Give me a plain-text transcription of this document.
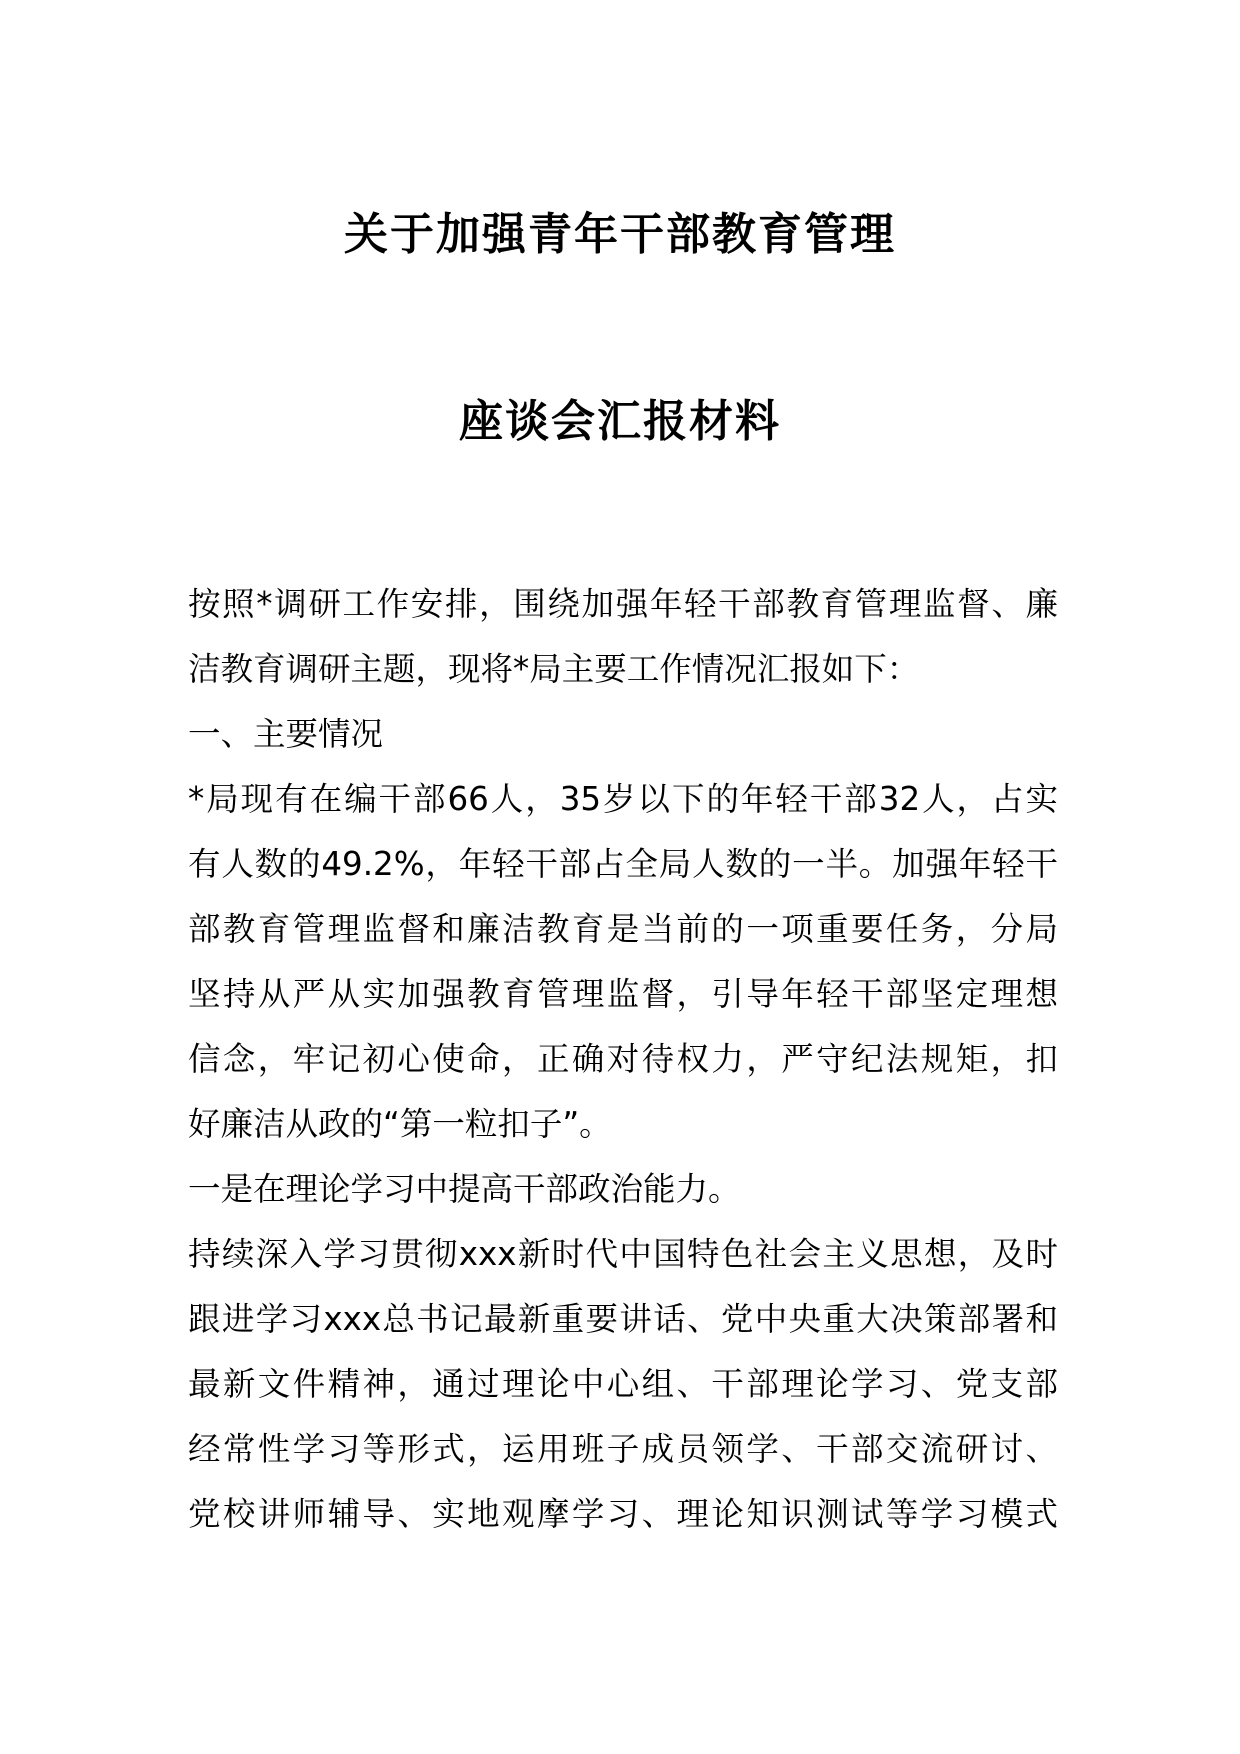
关于加强青年干部教育管理
座谈会汇报材料
按照*调研工作安排，围绕加强年轻干部教育管理监督、廉
洁教育调研主题，现将*局主要工作情况汇报如下：
一、主要情况
*局现有在编干部66人，35岁以下的年轻干部32人，占实
有人数的49.2%，年轻干部占全局人数的一半。加强年轻干
部教育管理监督和廉洁教育是当前的一项重要任务，分局
坚持从严从实加强教育管理监督，引导年轻干部坚定理想
信念，牢记初心使命，正确对待权力，严守纪法规矩，扣
好廉洁从政的“第一粒扣子”。
一是在理论学习中提高干部政治能力。
持续深入学习贯彻xxx新时代中国特色社会主义思想，及时
跟进学习xxx总书记最新重要讲话、党中央重大决策部署和
最新文件精神，通过理论中心组、干部理论学习、党支部
经常性学习等形式，运用班子成员领学、干部交流研讨、
党校讲师辅导、实地观摩学习、理论知识测试等学习模式
